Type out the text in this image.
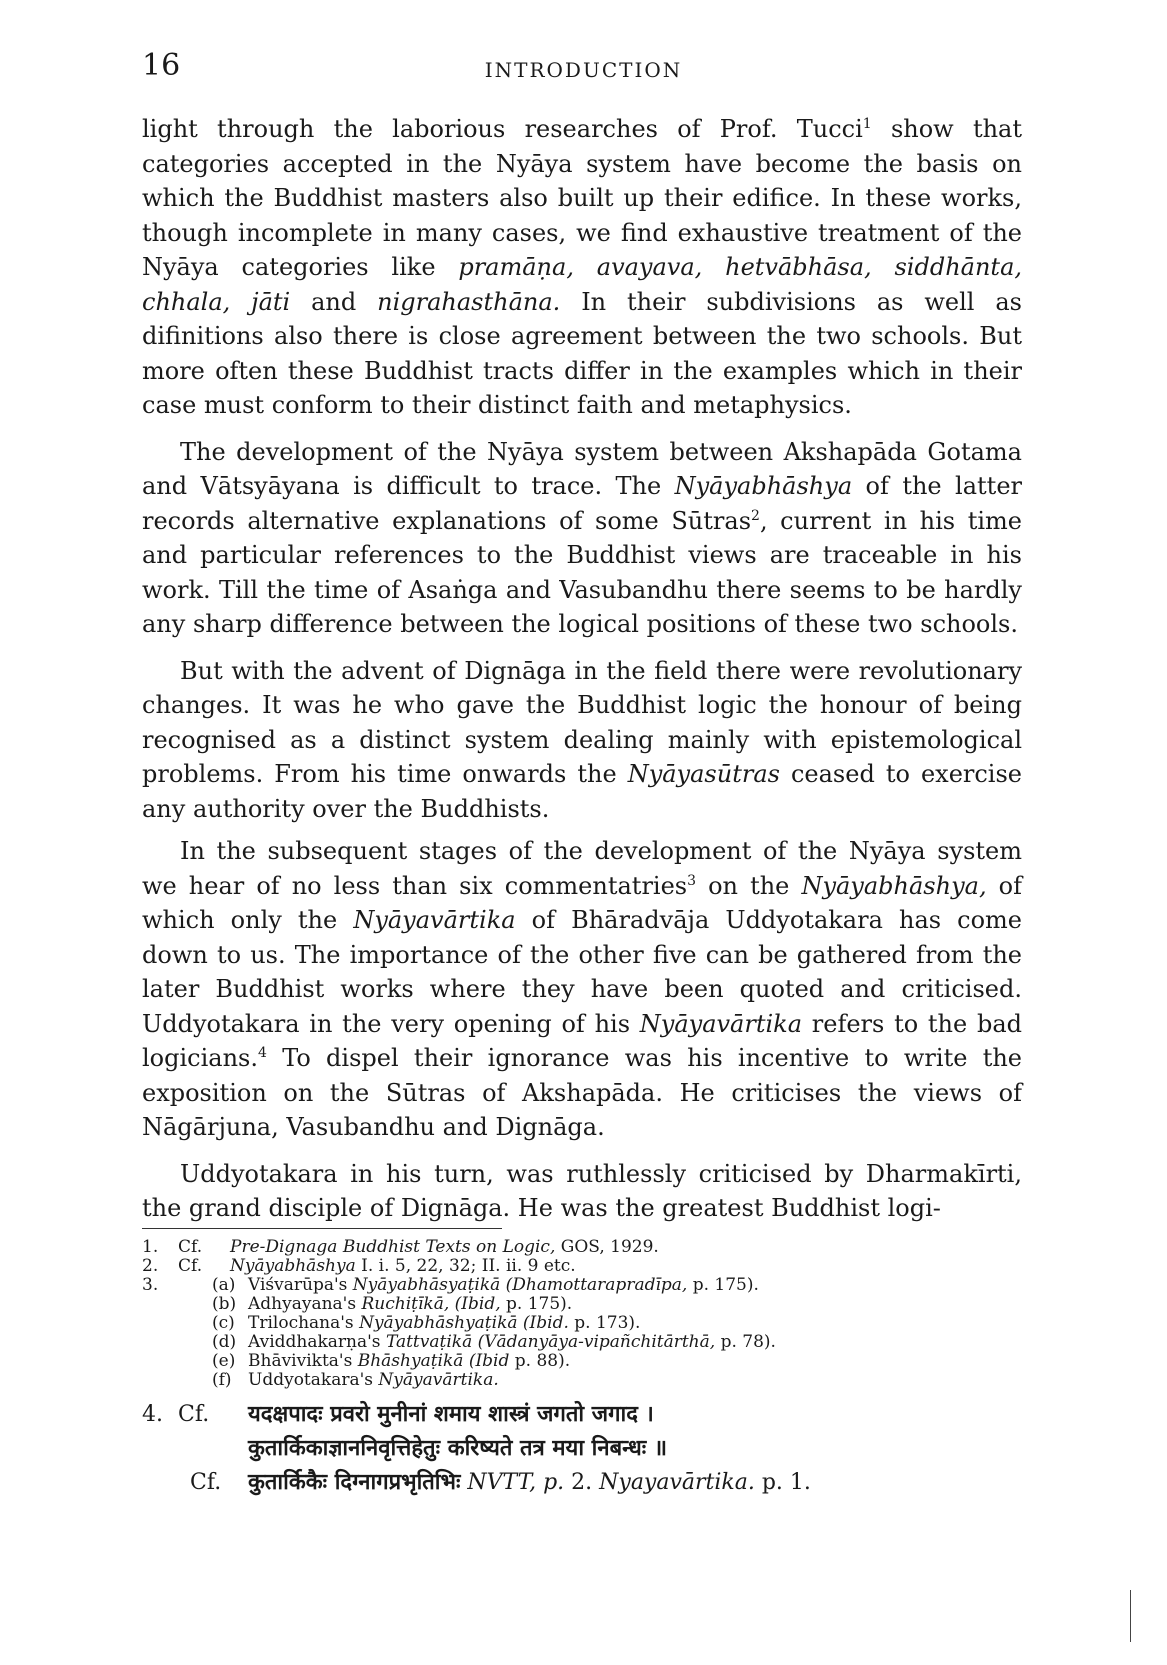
16	INTRODUCTION

light through the laborious researches of Prof. Tucci$^1$ show that categories accepted in the Nyāya system have become the basis on which the Buddhist masters also built up their edifice. In these works, though incomplete in many cases, we find exhaustive treatment of the Nyāya categories like pramāṇa, avayava, hetvābhāsa, siddhānta, chhala, jāti and nigrahasthāna. In their subdivisions as well as difinitions also there is close agreement between the two schools. But more often these Buddhist tracts differ in the examples which in their case must conform to their distinct faith and metaphysics.

The development of the Nyāya system between Akshapāda Gotama and Vātsyāyana is difficult to trace. The Nyāyabhāshya of the latter records alternative explanations of some Sūtras$^2$, current in his time and particular references to the Buddhist views are traceable in his work. Till the time of Asaṅga and Vasubandhu there seems to be hardly any sharp difference between the logical positions of these two schools.

But with the advent of Dignāga in the field there were revolutionary changes. It was he who gave the Buddhist logic the honour of being recognised as a distinct system dealing mainly with epistemological problems. From his time onwards the Nyāyasūtras ceased to exercise any authority over the Buddhists.

In the subsequent stages of the development of the Nyāya system we hear of no less than six commentatries$^3$ on the Nyāyabhāshya, of which only the Nyāyavārtika of Bhāradvāja Uddyotakara has come down to us. The importance of the other five can be gathered from the later Buddhist works where they have been quoted and criticised. Uddyotakara in the very opening of his Nyāyavārtika refers to the bad logicians.$^4$ To dispel their ignorance was his incentive to write the exposition on the Sūtras of Akshapāda. He criticises the views of Nāgārjuna, Vasubandhu and Dignāga.

Uddyotakara in his turn, was ruthlessly criticised by Dharmakīrti, the grand disciple of Dignāga. He was the greatest Buddhist logi-

1.	Cf.	Pre-Dignaga Buddhist Texts on Logic, GOS, 1929.
2.	Cf.	Nyāyabhāshya I. i. 5, 22, 32; II. ii. 9 etc.
3.	(a) Viśvarūpa's Nyāyabhāsyaṭikā (Dhamottarapradīpa, p. 175).
(b) Adhyayana's Ruchiṭīkā, (Ibid, p. 175).
(c) Trilochana's Nyāyabhāshyaṭikā (Ibid. p. 173).
(d) Aviddhakarṇa's Tattvaṭikā (Vādanyāya-vipañchitārthā, p. 78).
(e) Bhāvivikta's Bhāshyaṭikā (Ibid p. 88).
(f) Uddyotakara's Nyāyavārtika.
4. Cf.	यदक्षपादः प्रवरो मुनीनां शमाय शास्त्रं जगतो जगाद ।
कुतार्किकाज्ञाननिवृत्तिहेतुः करिष्यते तत्र मया निबन्धः ॥
Cf.	कुतार्किकैः दिग्नागप्रभृतिभिः NVTT, p. 2. Nyayavārtika. p. 1.
